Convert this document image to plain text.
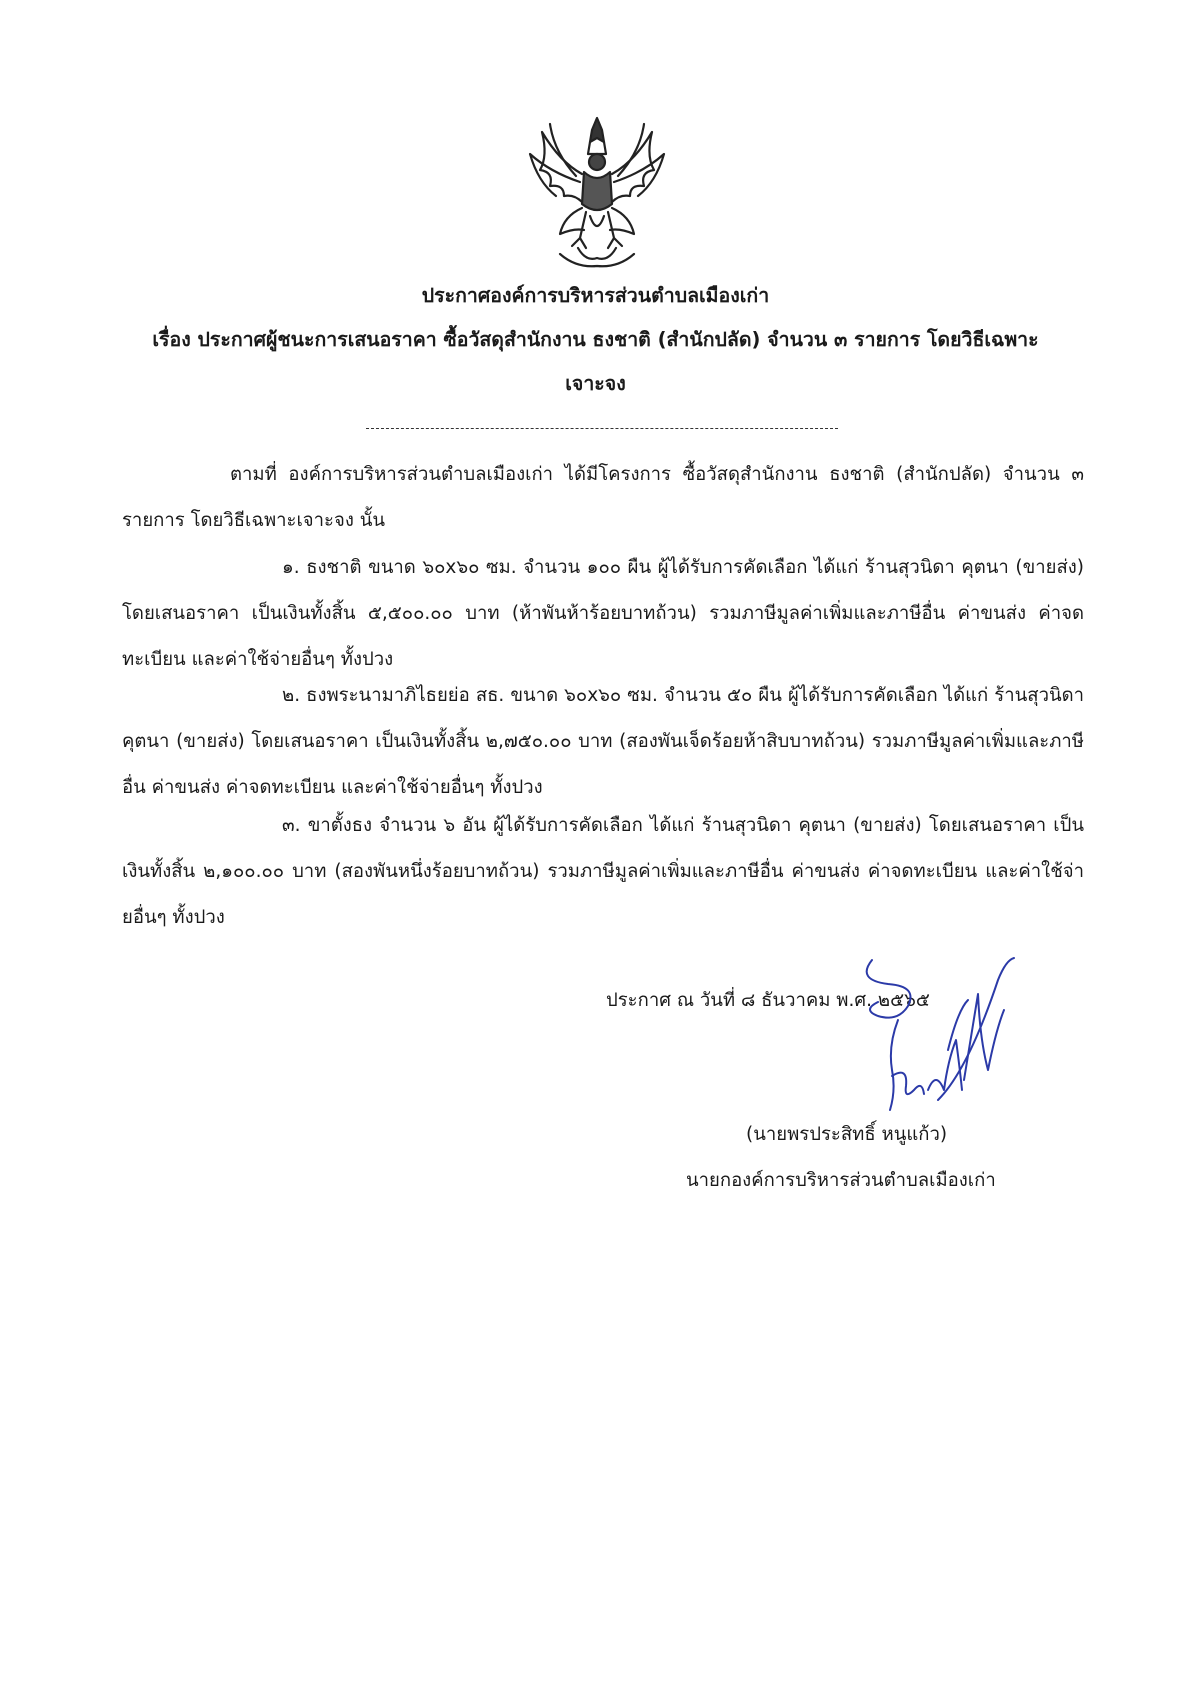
ประกาศองค์การบริหารส่วนตำบลเมืองเก่า
เรื่อง ประกาศผู้ชนะการเสนอราคา ซื้อวัสดุสำนักงาน ธงชาติ (สำนักปลัด) จำนวน ๓ รายการ โดยวิธีเฉพาะ
เจาะจง
ตามที่ องค์การบริหารส่วนตำบลเมืองเก่า ได้มีโครงการ ซื้อวัสดุสำนักงาน ธงชาติ (สำนักปลัด) จำนวน ๓ รายการ โดยวิธีเฉพาะเจาะจง นั้น
๑. ธงชาติ ขนาด ๖๐x๖๐ ซม. จำนวน ๑๐๐ ผืน ผู้ได้รับการคัดเลือก ได้แก่ ร้านสุวนิดา คุตนา (ขายส่ง) โดยเสนอราคา เป็นเงินทั้งสิ้น ๕,๕๐๐.๐๐ บาท (ห้าพันห้าร้อยบาทถ้วน) รวมภาษีมูลค่าเพิ่มและภาษีอื่น ค่าขนส่ง ค่าจดทะเบียน และค่าใช้จ่ายอื่นๆ ทั้งปวง
๒. ธงพระนามาภิไธยย่อ สธ. ขนาด ๖๐x๖๐ ซม. จำนวน ๕๐ ผืน ผู้ได้รับการคัดเลือก ได้แก่ ร้านสุวนิดา คุตนา (ขายส่ง) โดยเสนอราคา เป็นเงินทั้งสิ้น ๒,๗๕๐.๐๐ บาท (สองพันเจ็ดร้อยห้าสิบบาทถ้วน) รวมภาษีมูลค่าเพิ่มและภาษีอื่น ค่าขนส่ง ค่าจดทะเบียน และค่าใช้จ่ายอื่นๆ ทั้งปวง
๓. ขาตั้งธง จำนวน ๖ อัน ผู้ได้รับการคัดเลือก ได้แก่ ร้านสุวนิดา คุตนา (ขายส่ง) โดยเสนอราคา เป็นเงินทั้งสิ้น ๒,๑๐๐.๐๐ บาท (สองพันหนึ่งร้อยบาทถ้วน) รวมภาษีมูลค่าเพิ่มและภาษีอื่น ค่าขนส่ง ค่าจดทะเบียน และค่าใช้จ่ายอื่นๆ ทั้งปวง
ประกาศ ณ วันที่ ๘ ธันวาคม พ.ศ. ๒๕๖๕
(นายพรประสิทธิ์ หนูแก้ว)
นายกองค์การบริหารส่วนตำบลเมืองเก่า
